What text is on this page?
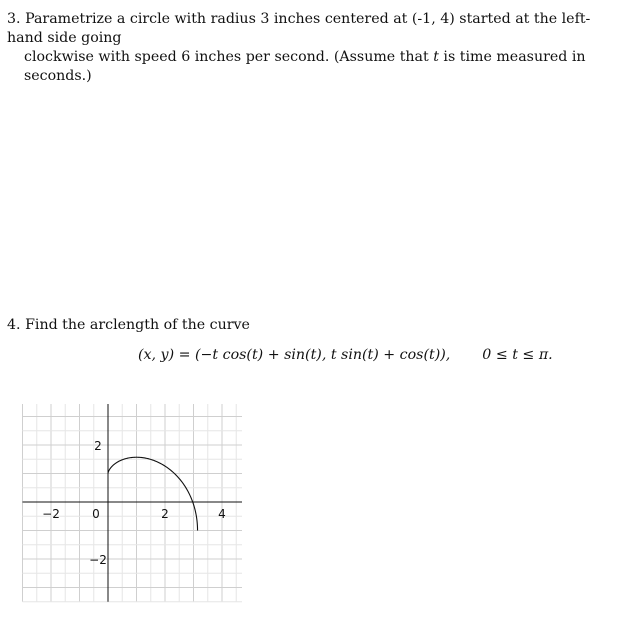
3. Parametrize a circle with radius 3 inches centered at (-1, 4) started at the left-hand side going
clockwise with speed 6 inches per second. (Assume that t is time measured in seconds.)
4. Find the arclength of the curve
(x, y) = (−t cos(t) + sin(t), t sin(t) + cos(t)), 0 ≤ t ≤ π.
−2	0	2	4
2
−2
